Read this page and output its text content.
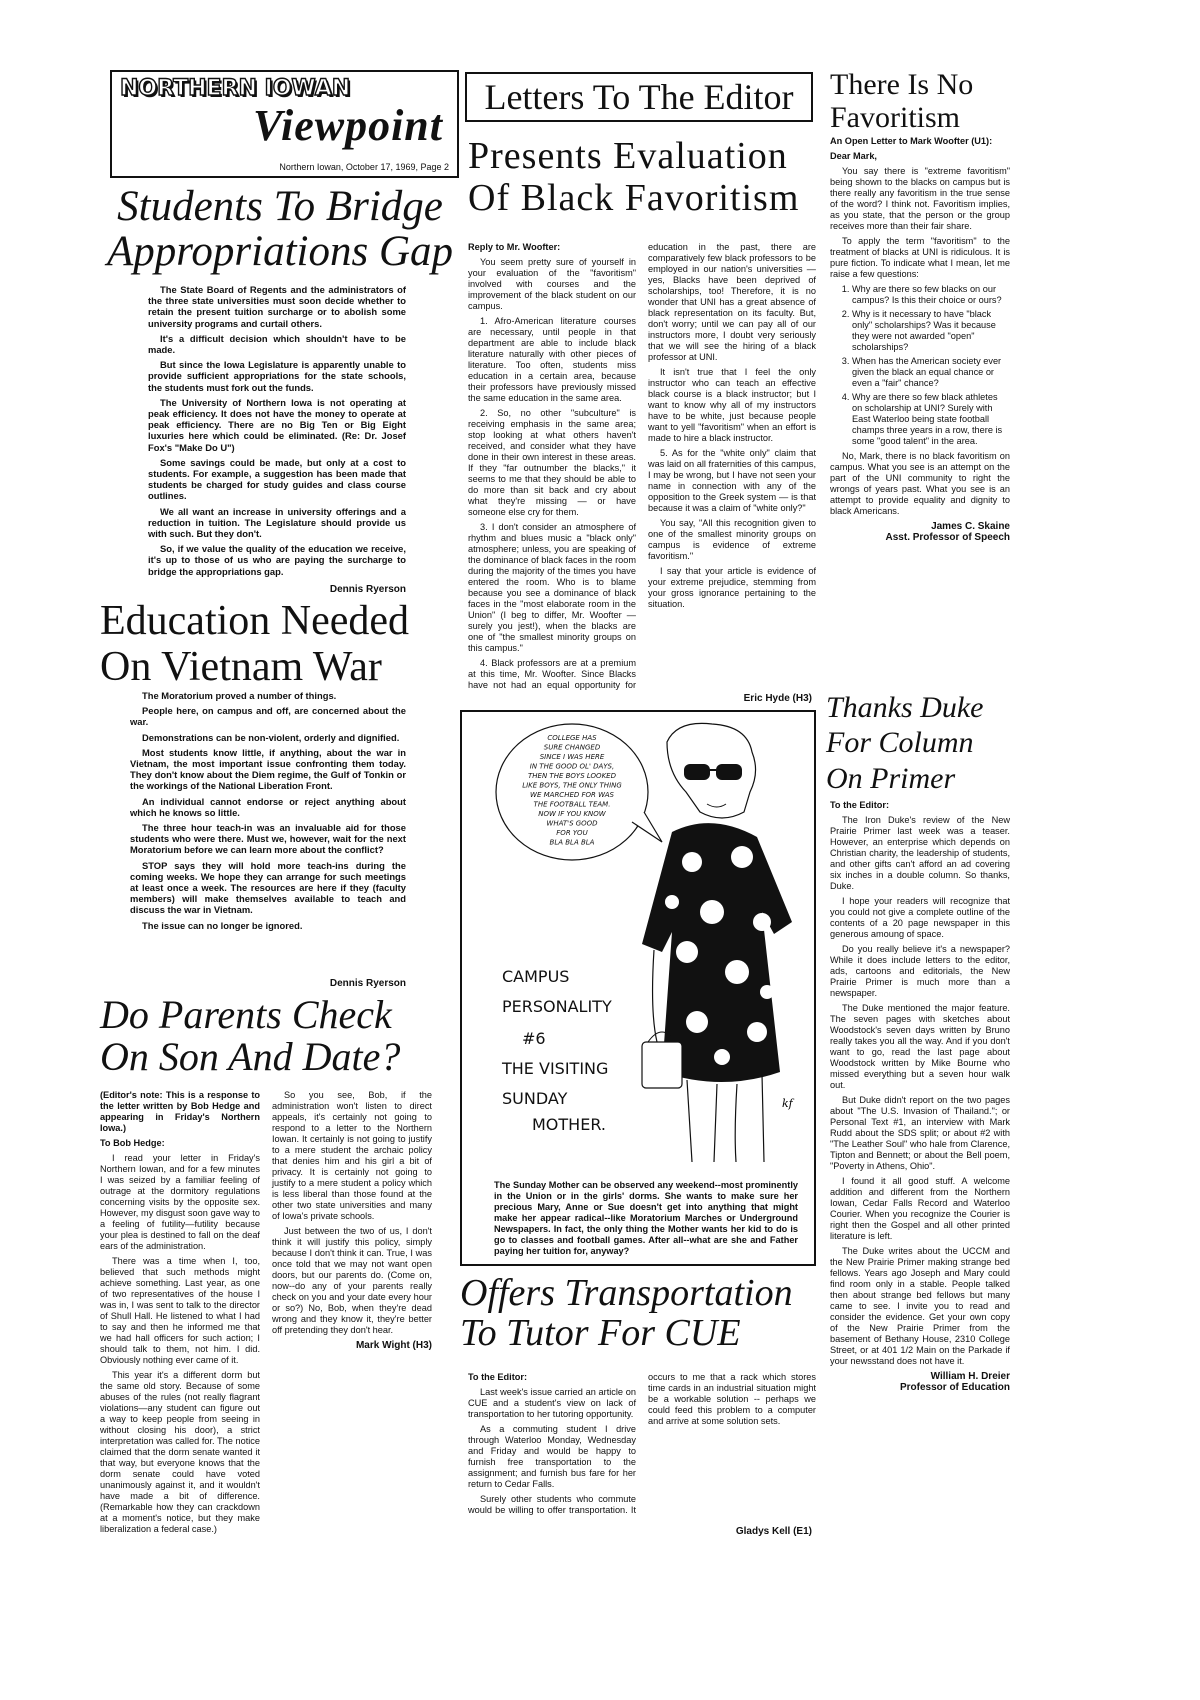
NORTHERN IOWAN
Viewpoint
Northern Iowan, October 17, 1969, Page 2
Students To Bridge
Appropriations Gap

The State Board of Regents and the administrators of the three state universities must soon decide whether to retain the present tuition surcharge or to abolish some university programs and curtail others.

It's a difficult decision which shouldn't have to be made.

But since the Iowa Legislature is apparently unable to provide sufficient appropriations for the state schools, the students must fork out the funds.

The University of Northern Iowa is not operating at peak efficiency. It does not have the money to operate at peak efficiency. There are no Big Ten or Big Eight luxuries here which could be eliminated. (Re: Dr. Josef Fox's "Make Do U")

Some savings could be made, but only at a cost to students. For example, a suggestion has been made that students be charged for study guides and class course outlines.

We all want an increase in university offerings and a reduction in tuition. The Legislature should provide us with such. But they don't.

So, if we value the quality of the education we receive, it's up to those of us who are paying the surcharge to bridge the appropriations gap.

Dennis Ryerson
Education Needed
On Vietnam War

The Moratorium proved a number of things.

People here, on campus and off, are concerned about the war.

Demonstrations can be non-violent, orderly and dignified.

Most students know little, if anything, about the war in Vietnam, the most important issue confronting them today. They don't know about the Diem regime, the Gulf of Tonkin or the workings of the National Liberation Front.

An individual cannot endorse or reject anything about which he knows so little.

The three hour teach-in was an invaluable aid for those students who were there. Must we, however, wait for the next Moratorium before we can learn more about the conflict?

STOP says they will hold more teach-ins during the coming weeks. We hope they can arrange for such meetings at least once a week. The resources are here if they (faculty members) will make themselves available to teach and discuss the war in Vietnam.

The issue can no longer be ignored.

Dennis Ryerson
Do Parents Check
On Son And Date?

(Editor's note: This is a response to the letter written by Bob Hedge and appearing in Friday's Northern Iowa.)

To Bob Hedge:

I read your letter in Friday's Northern Iowan, and for a few minutes I was seized by a familiar feeling of outrage at the dormitory regulations concerning visits by the opposite sex. However, my disgust soon gave way to a feeling of futility—futility because your plea is destined to fall on the deaf ears of the administration.

There was a time when I, too, believed that such methods might achieve something. Last year, as one of two representatives of the house I was in, I was sent to talk to the director of Shull Hall. He listened to what I had to say and then he informed me that we had hall officers for such action; I should talk to them, not him. I did. Obviously nothing ever came of it.

This year it's a different dorm but the same old story. Because of some abuses of the rules (not really flagrant violations—any student can figure out a way to keep people from seeing in without closing his door), a strict interpretation was called for. The notice claimed that the dorm senate wanted it that way, but everyone knows that the dorm senate could have voted unanimously against it, and it wouldn't have made a bit of difference. (Remarkable how they can crackdown at a moment's notice, but they make liberalization a federal case.)

So you see, Bob, if the administration won't listen to direct appeals, it's certainly not going to respond to a letter to the Northern Iowan. It certainly is not going to justify to a mere student the archaic policy that denies him and his girl a bit of privacy. It is certainly not going to justify to a mere student a policy which is less liberal than those found at the other two state universities and many of Iowa's private schools.

Just between the two of us, I don't think it will justify this policy, simply because I don't think it can. True, I was once told that we may not want open doors, but our parents do. (Come on, now--do any of your parents really check on you and your date every hour or so?) No, Bob, when they're dead wrong and they know it, they're better off pretending they don't hear.

Mark Wight (H3)
Letters To The Editor
Presents Evaluation
Of Black Favoritism

Reply to Mr. Woofter:

You seem pretty sure of yourself in your evaluation of the "favoritism" involved with courses and the improvement of the black student on our campus.

1. Afro-American literature courses are necessary, until people in that department are able to include black literature naturally with other pieces of literature. Too often, students miss education in a certain area, because their professors have previously missed the same education in the same area.

2. So, no other "subculture" is receiving emphasis in the same area; stop looking at what others haven't received, and consider what they have done in their own interest in these areas. If they "far outnumber the blacks," it seems to me that they should be able to do more than sit back and cry about what they're missing — or have someone else cry for them.

3. I don't consider an atmosphere of rhythm and blues music a "black only" atmosphere; unless, you are speaking of the dominance of black faces in the room during the majority of the times you have entered the room. Who is to blame because you see a dominance of black faces in the "most elaborate room in the Union" (I beg to differ, Mr. Woofter — surely you jest!), when the blacks are one of "the smallest minority groups on this campus."

4. Black professors are at a premium at this time, Mr. Woofter. Since Blacks have not had an equal opportunity for education in the past, there are comparatively few black professors to be employed in our nation's universities — yes, Blacks have been deprived of scholarships, too! Therefore, it is no wonder that UNI has a great absence of black representation on its faculty. But, don't worry; until we can pay all of our instructors more, I doubt very seriously that we will see the hiring of a black professor at UNI.

It isn't true that I feel the only instructor who can teach an effective black course is a black instructor; but I want to know why all of my instructors have to be white, just because people want to yell "favoritism" when an effort is made to hire a black instructor.

5. As for the "white only" claim that was laid on all fraternities of this campus, I may be wrong, but I have not seen your name in connection with any of the opposition to the Greek system — is that because it was a claim of "white only?"

You say, "All this recognition given to one of the smallest minority groups on campus is evidence of extreme favoritism."

I say that your article is evidence of your extreme prejudice, stemming from your gross ignorance pertaining to the situation.

Eric Hyde (H3)
COLLEGE HAS
SURE CHANGED
SINCE I WAS HERE
IN THE GOOD OL' DAYS,
THEN THE BOYS LOOKED
LIKE BOYS, THE ONLY THING
WE MARCHED FOR WAS
THE FOOTBALL TEAM.
NOW IF YOU KNOW
WHAT'S GOOD
FOR YOU
BLA BLA BLA
CAMPUS
PERSONALITY
#6
THE VISITING
SUNDAY
MOTHER.
kf
The Sunday Mother can be observed any weekend--most prominently in the Union or in the girls' dorms. She wants to make sure her precious Mary, Anne or Sue doesn't get into anything that might make her appear radical--like Moratorium Marches or Underground Newspapers. In fact, the only thing the Mother wants her kid to do is go to classes and football games. After all--what are she and Father paying her tuition for, anyway?
Offers Transportation
To Tutor For CUE

To the Editor:

Last week's issue carried an article on CUE and a student's view on lack of transportation to her tutoring opportunity.

As a commuting student I drive through Waterloo Monday, Wednesday and Friday and would be happy to furnish free transportation to the assignment; and furnish bus fare for her return to Cedar Falls.

Surely other students who commute would be willing to offer transportation. It occurs to me that a rack which stores time cards in an industrial situation might be a workable solution -- perhaps we could feed this problem to a computer and arrive at some solution sets.

Gladys Kell (E1)
There Is No
Favoritism

An Open Letter to Mark Woofter (U1):

Dear Mark,

You say there is "extreme favoritism" being shown to the blacks on campus but is there really any favoritism in the true sense of the word? I think not. Favoritism implies, as you state, that the person or the group receives more than their fair share.

To apply the term "favoritism" to the treatment of blacks at UNI is ridiculous. It is pure fiction. To indicate what I mean, let me raise a few questions:

1. Why are there so few blacks on our campus? Is this their choice or ours?
2. Why is it necessary to have "black only" scholarships? Was it because they were not awarded "open" scholarships?
3. When has the American society ever given the black an equal chance or even a "fair" chance?
4. Why are there so few black athletes on scholarship at UNI? Surely with East Waterloo being state football champs three years in a row, there is some "good talent" in the area.

No, Mark, there is no black favoritism on campus. What you see is an attempt on the part of the UNI community to right the wrongs of years past. What you see is an attempt to provide equality and dignity to black Americans.

James C. Skaine
Asst. Professor of Speech
Thanks Duke
For Column
On Primer

To the Editor:

The Iron Duke's review of the New Prairie Primer last week was a teaser. However, an enterprise which depends on Christian charity, the leadership of students, and other gifts can't afford an ad covering six inches in a double column. So thanks, Duke.

I hope your readers will recognize that you could not give a complete outline of the contents of a 20 page newspaper in this generous amoung of space.

Do you really believe it's a newspaper? While it does include letters to the editor, ads, cartoons and editorials, the New Prairie Primer is much more than a newspaper.

The Duke mentioned the major feature. The seven pages with sketches about Woodstock's seven days written by Bruno really takes you all the way. And if you don't want to go, read the last page about Woodstock written by Mike Bourne who missed everything but a seven hour walk out.

But Duke didn't report on the two pages about "The U.S. Invasion of Thailand."; or Personal Text #1, an interview with Mark Rudd about the SDS split; or about #2 with "The Leather Soul" who hale from Clarence, Tipton and Bennett; or about the Bell poem, "Poverty in Athens, Ohio".

I found it all good stuff. A welcome addition and different from the Northern Iowan, Cedar Falls Record and Waterloo Courier. When you recognize the Courier is right then the Gospel and all other printed literature is left.

The Duke writes about the UCCM and the New Prairie Primer making strange bed fellows. Years ago Joseph and Mary could find room only in a stable. People talked then about strange bed fellows but many came to see. I invite you to read and consider the evidence. Get your own copy of the New Prairie Primer from the basement of Bethany House, 2310 College Street, or at 401 1/2 Main on the Parkade if your newsstand does not have it.

William H. Dreier
Professor of Education
